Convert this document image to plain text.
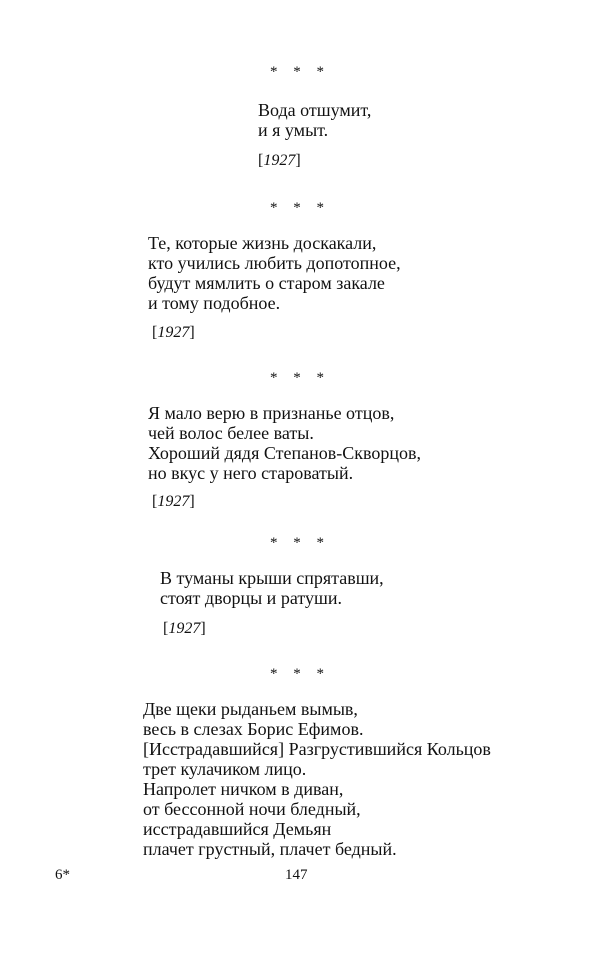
* * *
Вода отшумит,
и я умыт.
[1927]
* * *
Те, которые жизнь доскакали,
кто учились любить допотопное,
будут мямлить о старом закале
и тому подобное.
[1927]
* * *
Я мало верю в признанье отцов,
чей волос белее ваты.
Хороший дядя Степанов-Скворцов,
но вкус у него староватый.
[1927]
* * *
В туманы крыши спрятавши,
стоят дворцы и ратуши.
[1927]
* * *
Две щеки рыданьем вымыв,
весь в слезах Борис Ефимов.
[Исстрадавшийся] Разгрустившийся Кольцов
трет кулачиком лицо.
Напролет ничком в диван,
от бессонной ночи бледный,
исстрадавшийся Демьян
плачет грустный, плачет бедный.
6*	147
